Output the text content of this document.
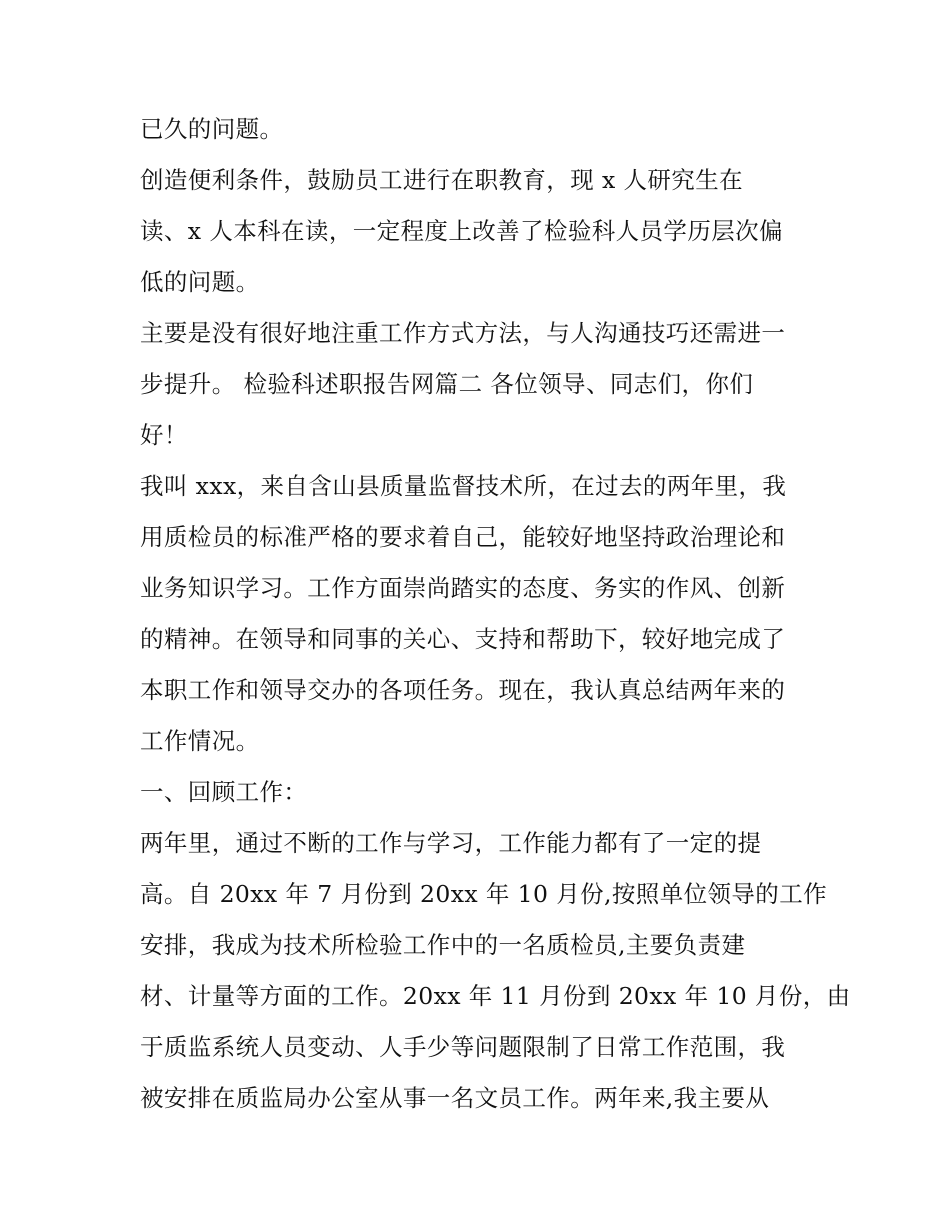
已久的问题。

创造便利条件，鼓励员工进行在职教育，现 x 人研究生在

读、x 人本科在读，一定程度上改善了检验科人员学历层次偏

低的问题。

主要是没有很好地注重工作方式方法，与人沟通技巧还需进一

步提升。 检验科述职报告网篇二 各位领导、同志们，你们

好！

我叫 xxx，来自含山县质量监督技术所，在过去的两年里，我

用质检员的标准严格的要求着自己，能较好地坚持政治理论和

业务知识学习。工作方面崇尚踏实的态度、务实的作风、创新

的精神。在领导和同事的关心、支持和帮助下，较好地完成了

本职工作和领导交办的各项任务。现在，我认真总结两年来的

工作情况。

一、回顾工作：

两年里，通过不断的工作与学习，工作能力都有了一定的提

高。自 20xx 年 7 月份到 20xx 年 10 月份,按照单位领导的工作

安排，我成为技术所检验工作中的一名质检员,主要负责建

材、计量等方面的工作。20xx 年 11 月份到 20xx 年 10 月份，由

于质监系统人员变动、人手少等问题限制了日常工作范围，我

被安排在质监局办公室从事一名文员工作。两年来,我主要从
